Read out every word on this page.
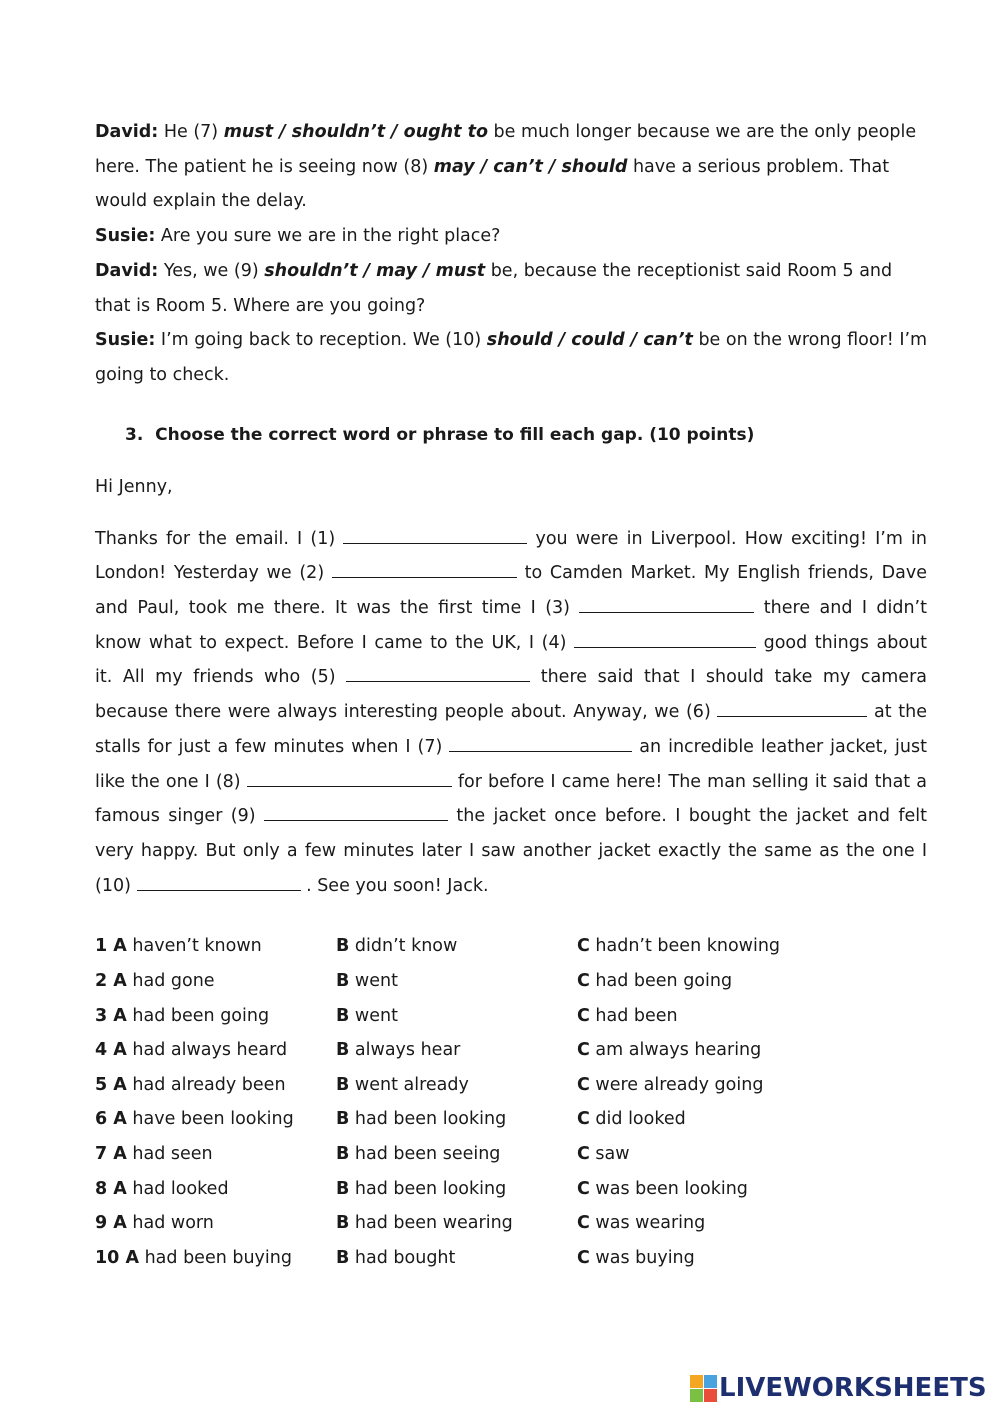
David: He (7) must / shouldn’t / ought to be much longer because we are the only people
here. The patient he is seeing now (8) may / can’t / should have a serious problem. That
would explain the delay.
Susie: Are you sure we are in the right place?
David: Yes, we (9) shouldn’t / may / must be, because the receptionist said Room 5 and
that is Room 5. Where are you going?
Susie: I’m going back to reception. We (10) should / could / can’t be on the wrong floor! I’m
going to check.
3. Choose the correct word or phrase to fill each gap. (10 points)
Hi Jenny,
Thanks for the email. I (1)	you were in Liverpool. How exciting! I’m in
London! Yesterday we (2)	to Camden Market. My English friends, Dave
and Paul, took me there. It was the first time I (3)	there and I didn’t
know what to expect. Before I came to the UK, I (4)	good things about
it. All my friends who (5)	there said that I should take my camera
because there were always interesting people about. Anyway, we (6)	at the
stalls for just a few minutes when I (7)	an incredible leather jacket, just
like the one I (8)	for before I came here! The man selling it said that a
famous singer (9)	the jacket once before. I bought the jacket and felt
very happy. But only a few minutes later I saw another jacket exactly the same as the one I
(10)	. See you soon! Jack.
1 A haven’t known	B didn’t know	C hadn’t been knowing
2 A had gone	B went	C had been going
3 A had been going	B went	C had been
4 A had always heard	B always hear	C am always hearing
5 A had already been	B went already	C were already going
6 A have been looking B had been looking	C did looked
7 A had seen	B had been seeing	C saw
8 A had looked	B had been looking	C was been looking
9 A had worn	B had been wearing	C was wearing
10 A had been buying	B had bought	C was buying
LIVEWORKSHEETS
